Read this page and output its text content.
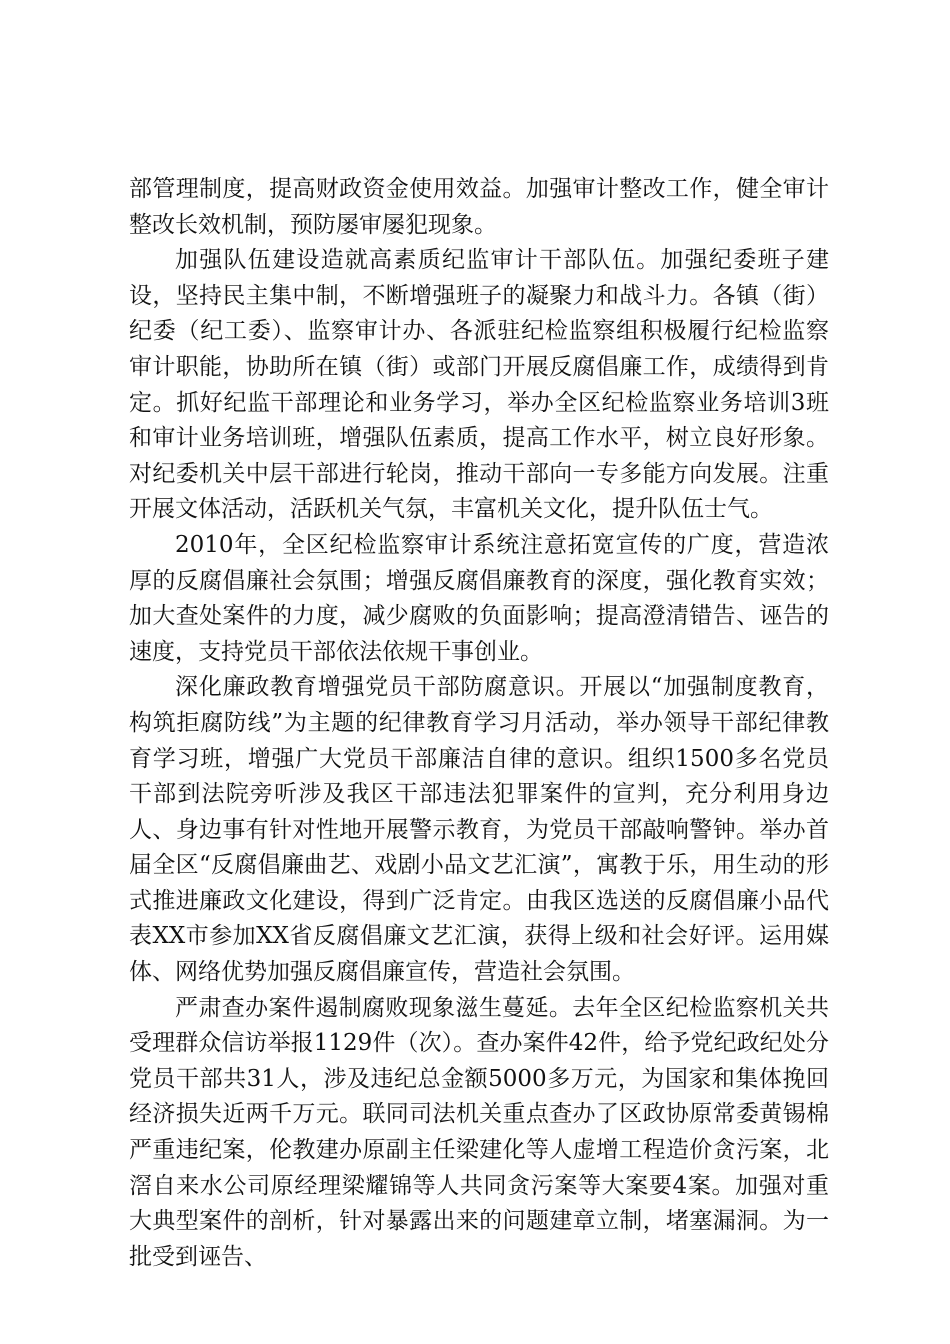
部管理制度，提高财政资金使用效益。加强审计整改工作，健全审计整改长效机制，预防屡审屡犯现象。

加强队伍建设造就高素质纪监审计干部队伍。加强纪委班子建设，坚持民主集中制，不断增强班子的凝聚力和战斗力。各镇（街）纪委（纪工委）、监察审计办、各派驻纪检监察组积极履行纪检监察审计职能，协助所在镇（街）或部门开展反腐倡廉工作，成绩得到肯定。抓好纪监干部理论和业务学习，举办全区纪检监察业务培训3班和审计业务培训班，增强队伍素质，提高工作水平，树立良好形象。对纪委机关中层干部进行轮岗，推动干部向一专多能方向发展。注重开展文体活动，活跃机关气氛，丰富机关文化，提升队伍士气。

2010年，全区纪检监察审计系统注意拓宽宣传的广度，营造浓厚的反腐倡廉社会氛围；增强反腐倡廉教育的深度，强化教育实效；加大查处案件的力度，减少腐败的负面影响；提高澄清错告、诬告的速度，支持党员干部依法依规干事创业。

深化廉政教育增强党员干部防腐意识。开展以“加强制度教育，构筑拒腐防线”为主题的纪律教育学习月活动，举办领导干部纪律教育学习班，增强广大党员干部廉洁自律的意识。组织1500多名党员干部到法院旁听涉及我区干部违法犯罪案件的宣判，充分利用身边人、身边事有针对性地开展警示教育，为党员干部敲响警钟。举办首届全区“反腐倡廉曲艺、戏剧小品文艺汇演”，寓教于乐，用生动的形式推进廉政文化建设，得到广泛肯定。由我区选送的反腐倡廉小品代表XX市参加XX省反腐倡廉文艺汇演，获得上级和社会好评。运用媒体、网络优势加强反腐倡廉宣传，营造社会氛围。

严肃查办案件遏制腐败现象滋生蔓延。去年全区纪检监察机关共受理群众信访举报1129件（次）。查办案件42件，给予党纪政纪处分党员干部共31人，涉及违纪总金额5000多万元，为国家和集体挽回经济损失近两千万元。联同司法机关重点查办了区政协原常委黄锡棉严重违纪案，伦教建办原副主任梁建化等人虚增工程造价贪污案，北滘自来水公司原经理梁耀锦等人共同贪污案等大案要4案。加强对重大典型案件的剖析，针对暴露出来的问题建章立制，堵塞漏洞。为一批受到诬告、
